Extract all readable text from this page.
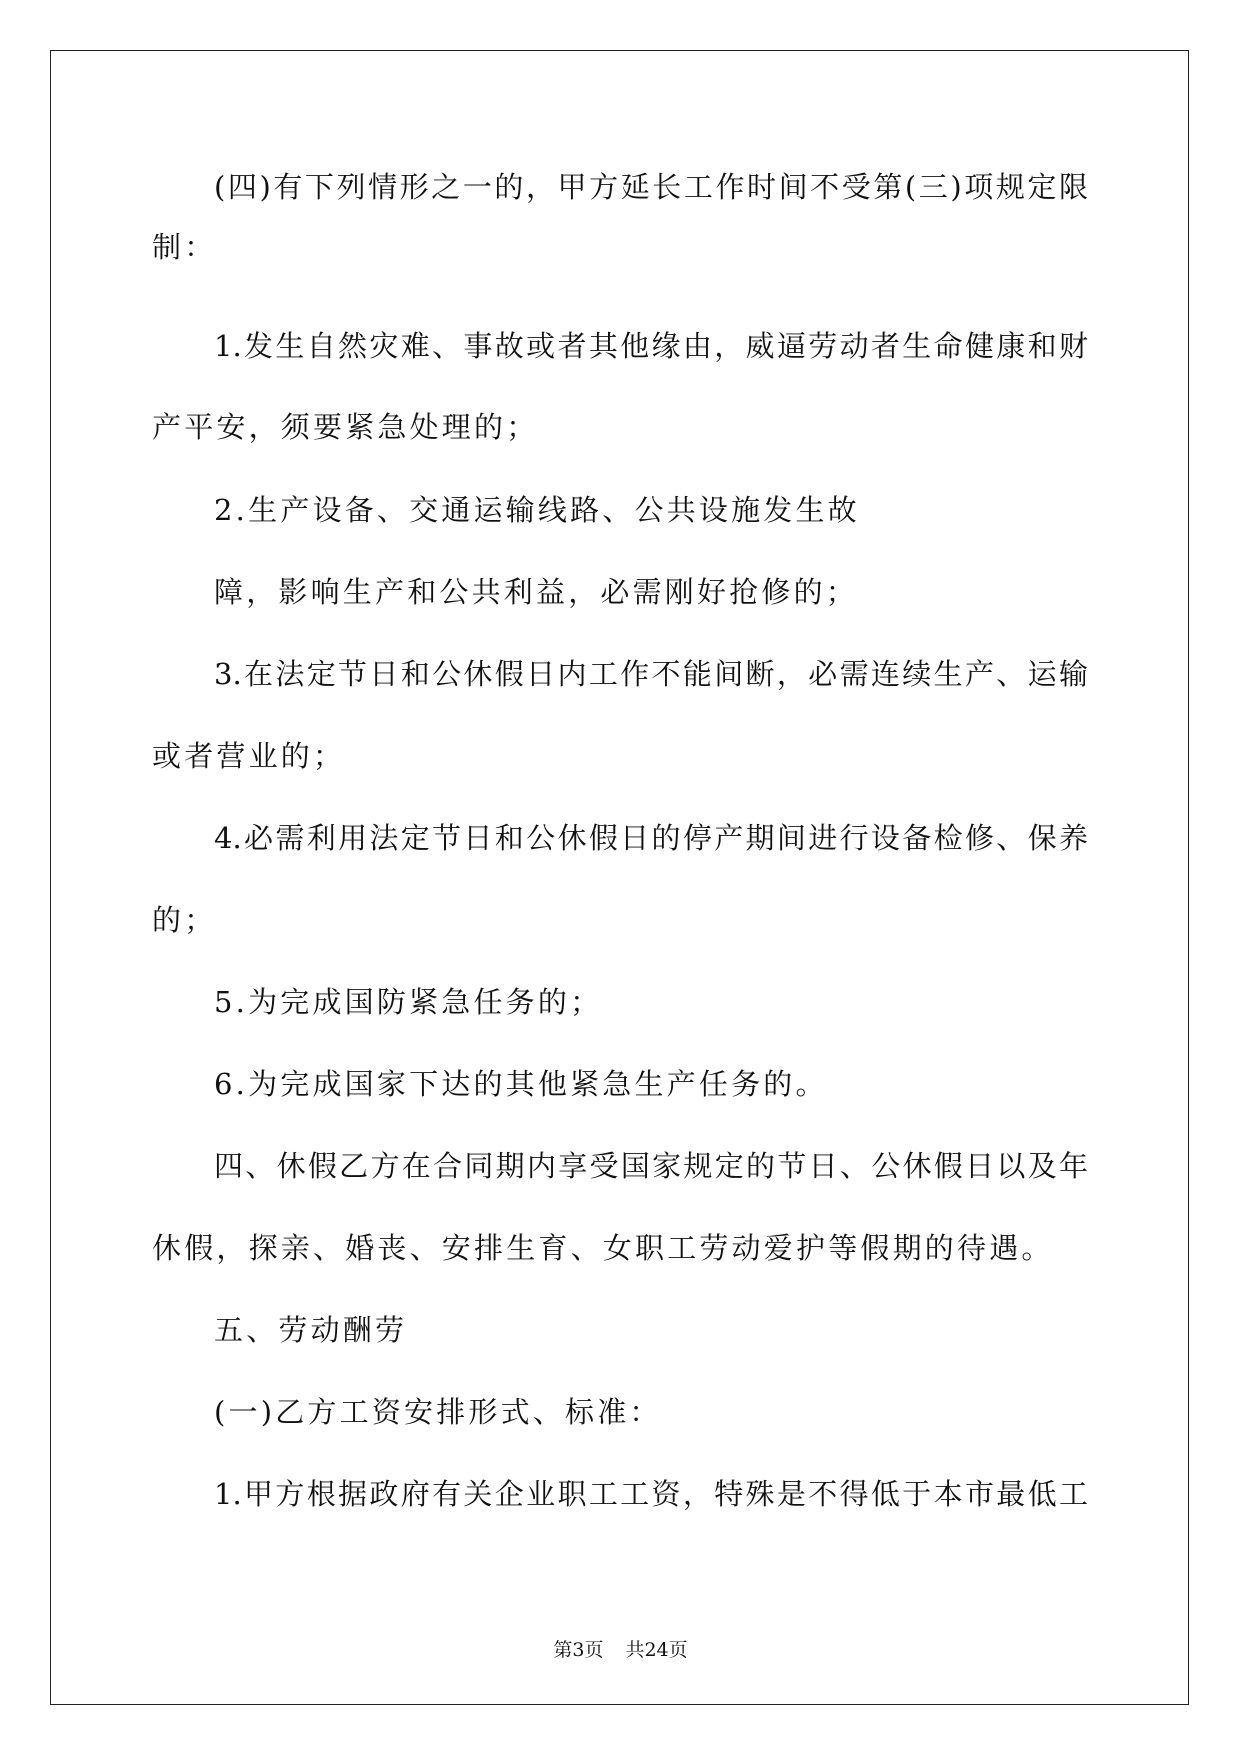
(四)有下列情形之一的，甲方延长工作时间不受第(三)项规定限
制：
1.发生自然灾难、事故或者其他缘由，威逼劳动者生命健康和财
产平安，须要紧急处理的；
2.生产设备、交通运输线路、公共设施发生故
障，影响生产和公共利益，必需刚好抢修的；
3.在法定节日和公休假日内工作不能间断，必需连续生产、运输
或者营业的；
4.必需利用法定节日和公休假日的停产期间进行设备检修、保养
的；
5.为完成国防紧急任务的；
6.为完成国家下达的其他紧急生产任务的。
四、休假乙方在合同期内享受国家规定的节日、公休假日以及年
休假，探亲、婚丧、安排生育、女职工劳动爱护等假期的待遇。
五、劳动酬劳
(一)乙方工资安排形式、标准：
1.甲方根据政府有关企业职工工资，特殊是不得低于本市最低工
第3页 共24页
